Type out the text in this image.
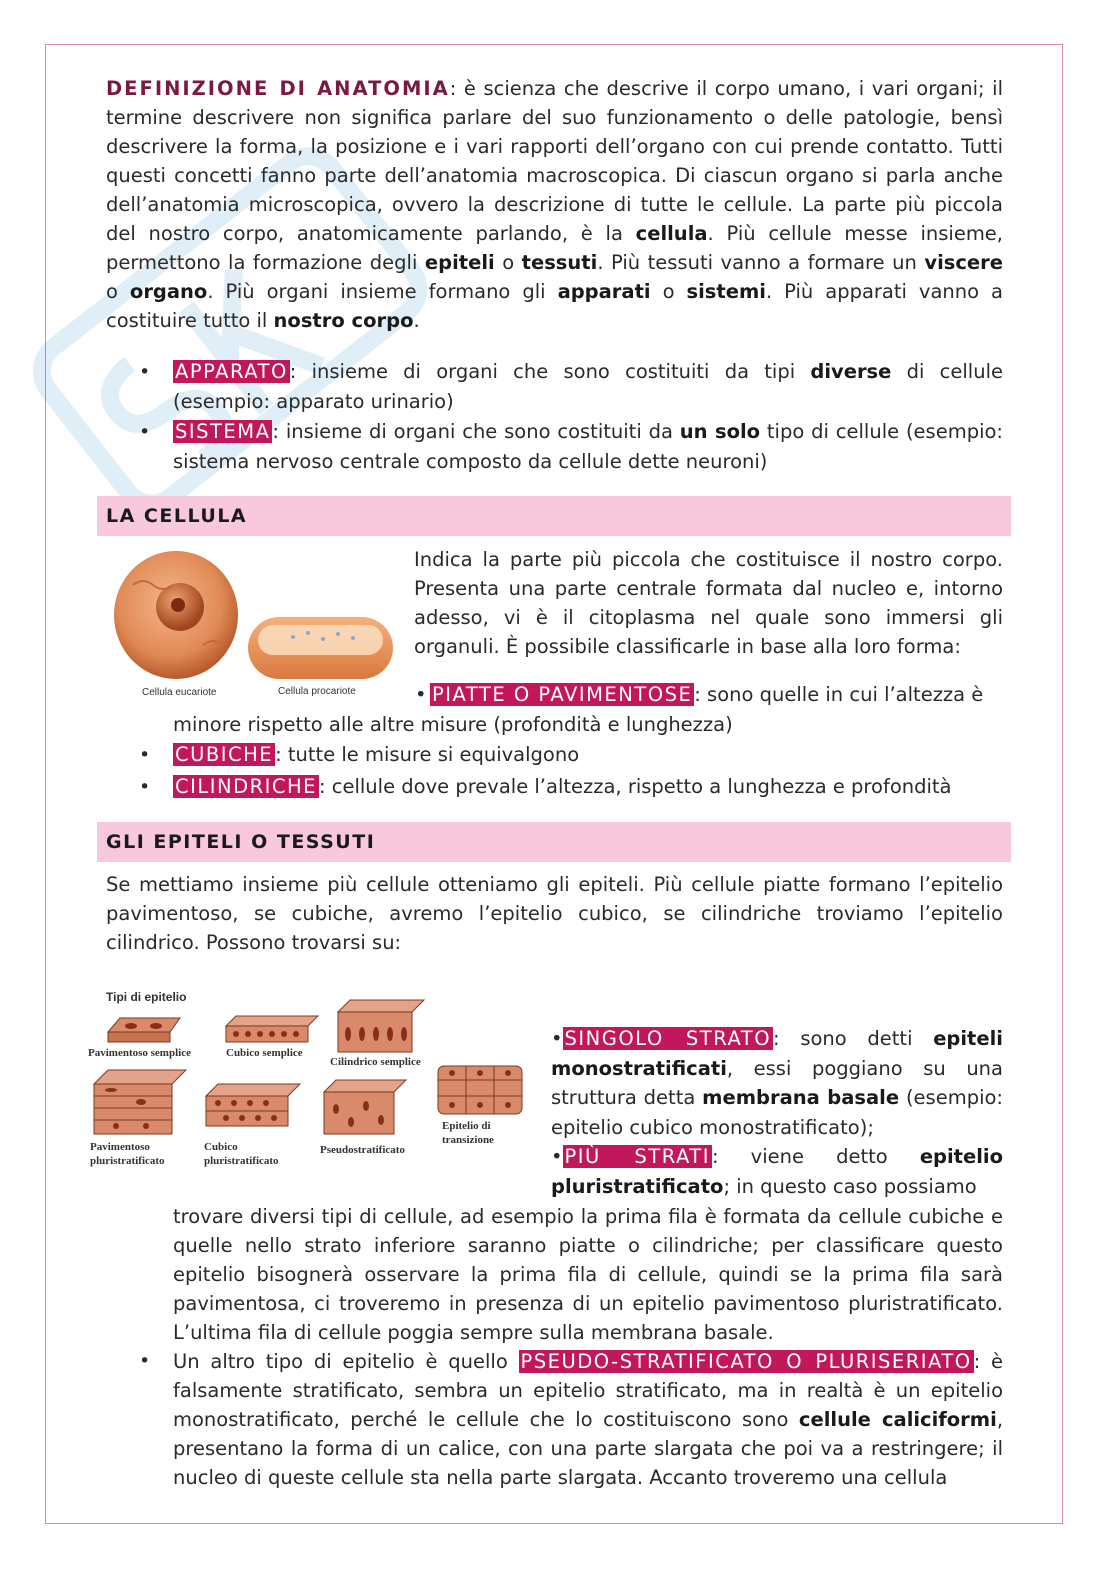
DEFINIZIONE DI ANATOMIA: è scienza che descrive il corpo umano, i vari organi; il termine descrivere non significa parlare del suo funzionamento o delle patologie, bensì descrivere la forma, la posizione e i vari rapporti dell’organo con cui prende contatto. Tutti questi concetti fanno parte dell’anatomia macroscopica. Di ciascun organo si parla anche dell’anatomia microscopica, ovvero la descrizione di tutte le cellule. La parte più piccola del nostro corpo, anatomicamente parlando, è la cellula. Più cellule messe insieme, permettono la formazione degli epiteli o tessuti. Più tessuti vanno a formare un viscere o organo. Più organi insieme formano gli apparati o sistemi. Più apparati vanno a costituire tutto il nostro corpo.

• APPARATO : insieme di organi che sono costituiti da tipi diverse di cellule (esempio: apparato urinario)
• SISTEMA : insieme di organi che sono costituiti da un solo tipo di cellule (esempio: sistema nervoso centrale composto da cellule dette neuroni)
LA CELLULA
Cellula eucariote	Cellula procariote

Indica la parte più piccola che costituisce il nostro corpo. Presenta una parte centrale formata dal nucleo e, intorno adesso, vi è il citoplasma nel quale sono immersi gli organuli. È possibile classificarle in base alla loro forma:

• PIATTE O PAVIMENTOSE : sono quelle in cui l’altezza è
minore rispetto alle altre misure (profondità e lunghezza)
• CUBICHE : tutte le misure si equivalgono
• CILINDRICHE : cellule dove prevale l’altezza, rispetto a lunghezza e profondità
GLI EPITELI O TESSUTI

Se mettiamo insieme più cellule otteniamo gli epiteli. Più cellule piatte formano l’epitelio pavimentoso, se cubiche, avremo l’epitelio cubico, se cilindriche troviamo l’epitelio cilindrico. Possono trovarsi su:

Tipi di epitelio
Pavimentoso semplice	Cubico semplice
Cilindrico semplice
Pavimentoso
pluristratificato
Cubico
pluristratificato
Pseudostratificato
Epitelio di
transizione

• SINGOLO STRATO : sono detti epiteli monostratificati, essi poggiano su una struttura detta membrana basale (esempio: epitelio cubico monostratificato);

• PIÙ STRATI : viene detto epitelio pluristratificato; in questo caso possiamo

trovare diversi tipi di cellule, ad esempio la prima fila è formata da cellule cubiche e quelle nello strato inferiore saranno piatte o cilindriche; per classificare questo epitelio bisognerà osservare la prima fila di cellule, quindi se la prima fila sarà pavimentosa, ci troveremo in presenza di un epitelio pavimentoso pluristratificato. L’ultima fila di cellule poggia sempre sulla membrana basale.

• Un altro tipo di epitelio è quello PSEUDO-STRATIFICATO O PLURISERIATO : è falsamente stratificato, sembra un epitelio stratificato, ma in realtà è un epitelio monostratificato, perché le cellule che lo costituiscono sono cellule caliciformi, presentano la forma di un calice, con una parte slargata che poi va a restringere; il nucleo di queste cellule sta nella parte slargata. Accanto troveremo una cellula
